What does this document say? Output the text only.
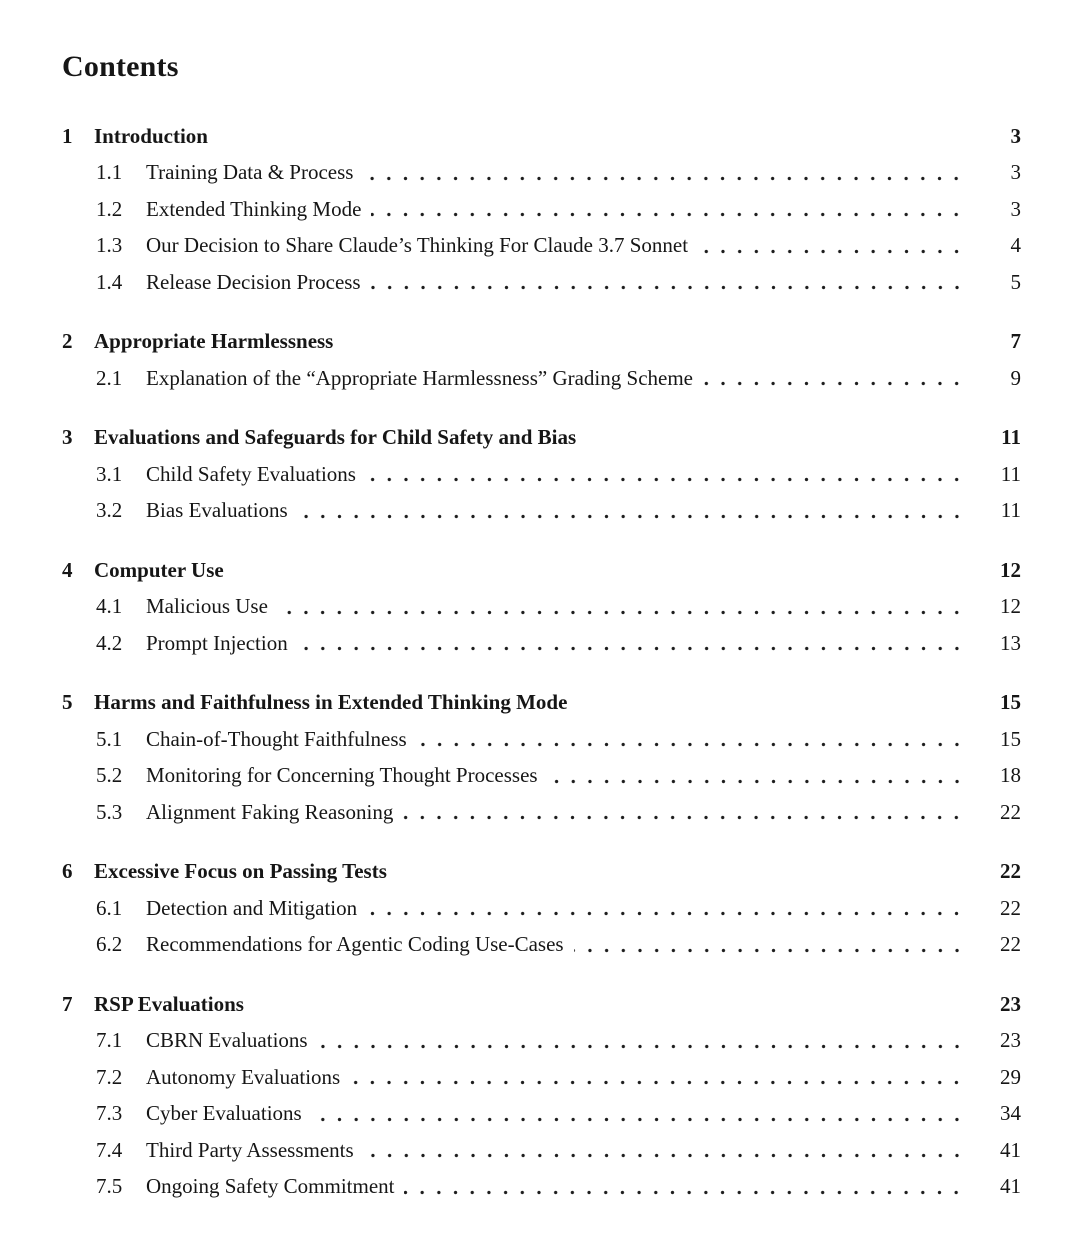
Contents
1	Introduction	3
1.1	Training Data & Process	3
1.2	Extended Thinking Mode	3
1.3	Our Decision to Share Claude’s Thinking For Claude 3.7 Sonnet	4
1.4	Release Decision Process	5
2	Appropriate Harmlessness	7
2.1	Explanation of the “Appropriate Harmlessness” Grading Scheme	9
3	Evaluations and Safeguards for Child Safety and Bias	11
3.1	Child Safety Evaluations	11
3.2	Bias Evaluations	11
4	Computer Use	12
4.1	Malicious Use	12
4.2	Prompt Injection	13
5	Harms and Faithfulness in Extended Thinking Mode	15
5.1	Chain-of-Thought Faithfulness	15
5.2	Monitoring for Concerning Thought Processes	18
5.3	Alignment Faking Reasoning	22
6	Excessive Focus on Passing Tests	22
6.1	Detection and Mitigation	22
6.2	Recommendations for Agentic Coding Use-Cases	22
7	RSP Evaluations	23
7.1	CBRN Evaluations	23
7.2	Autonomy Evaluations	29
7.3	Cyber Evaluations	34
7.4	Third Party Assessments	41
7.5	Ongoing Safety Commitment	41
